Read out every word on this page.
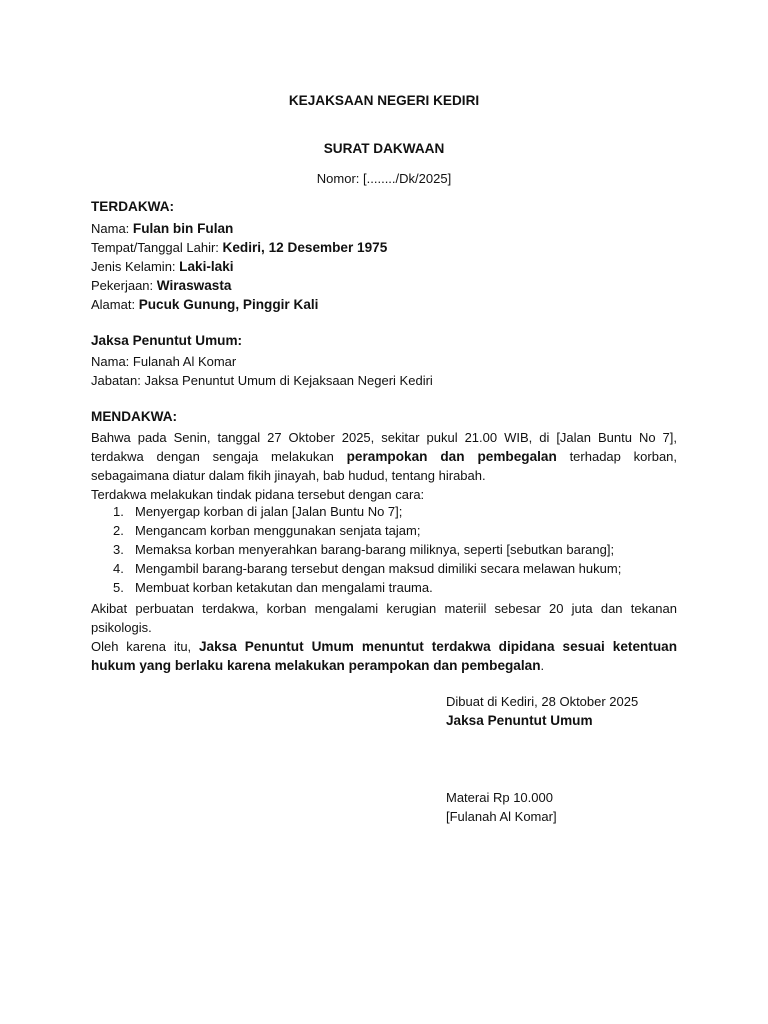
KEJAKSAAN NEGERI KEDIRI
SURAT DAKWAAN
Nomor: [......../Dk/2025]
TERDAKWA:
Nama: Fulan bin Fulan
Tempat/Tanggal Lahir: Kediri, 12 Desember 1975
Jenis Kelamin: Laki-laki
Pekerjaan: Wiraswasta
Alamat: Pucuk Gunung, Pinggir Kali
Jaksa Penuntut Umum:
Nama: Fulanah Al Komar
Jabatan: Jaksa Penuntut Umum di Kejaksaan Negeri Kediri
MENDAKWA:
Bahwa pada Senin, tanggal 27 Oktober 2025, sekitar pukul 21.00 WIB, di [Jalan Buntu No 7], terdakwa dengan sengaja melakukan perampokan dan pembegalan terhadap korban, sebagaimana diatur dalam fikih jinayah, bab hudud, tentang hirabah.
Terdakwa melakukan tindak pidana tersebut dengan cara:
1. Menyergap korban di jalan [Jalan Buntu No 7];
2. Mengancam korban menggunakan senjata tajam;
3. Memaksa korban menyerahkan barang-barang miliknya, seperti [sebutkan barang];
4. Mengambil barang-barang tersebut dengan maksud dimiliki secara melawan hukum;
5. Membuat korban ketakutan dan mengalami trauma.
Akibat perbuatan terdakwa, korban mengalami kerugian materiil sebesar 20 juta dan tekanan psikologis.
Oleh karena itu, Jaksa Penuntut Umum menuntut terdakwa dipidana sesuai ketentuan hukum yang berlaku karena melakukan perampokan dan pembegalan.
Dibuat di Kediri, 28 Oktober 2025
Jaksa Penuntut Umum
Materai Rp 10.000
[Fulanah Al Komar]
